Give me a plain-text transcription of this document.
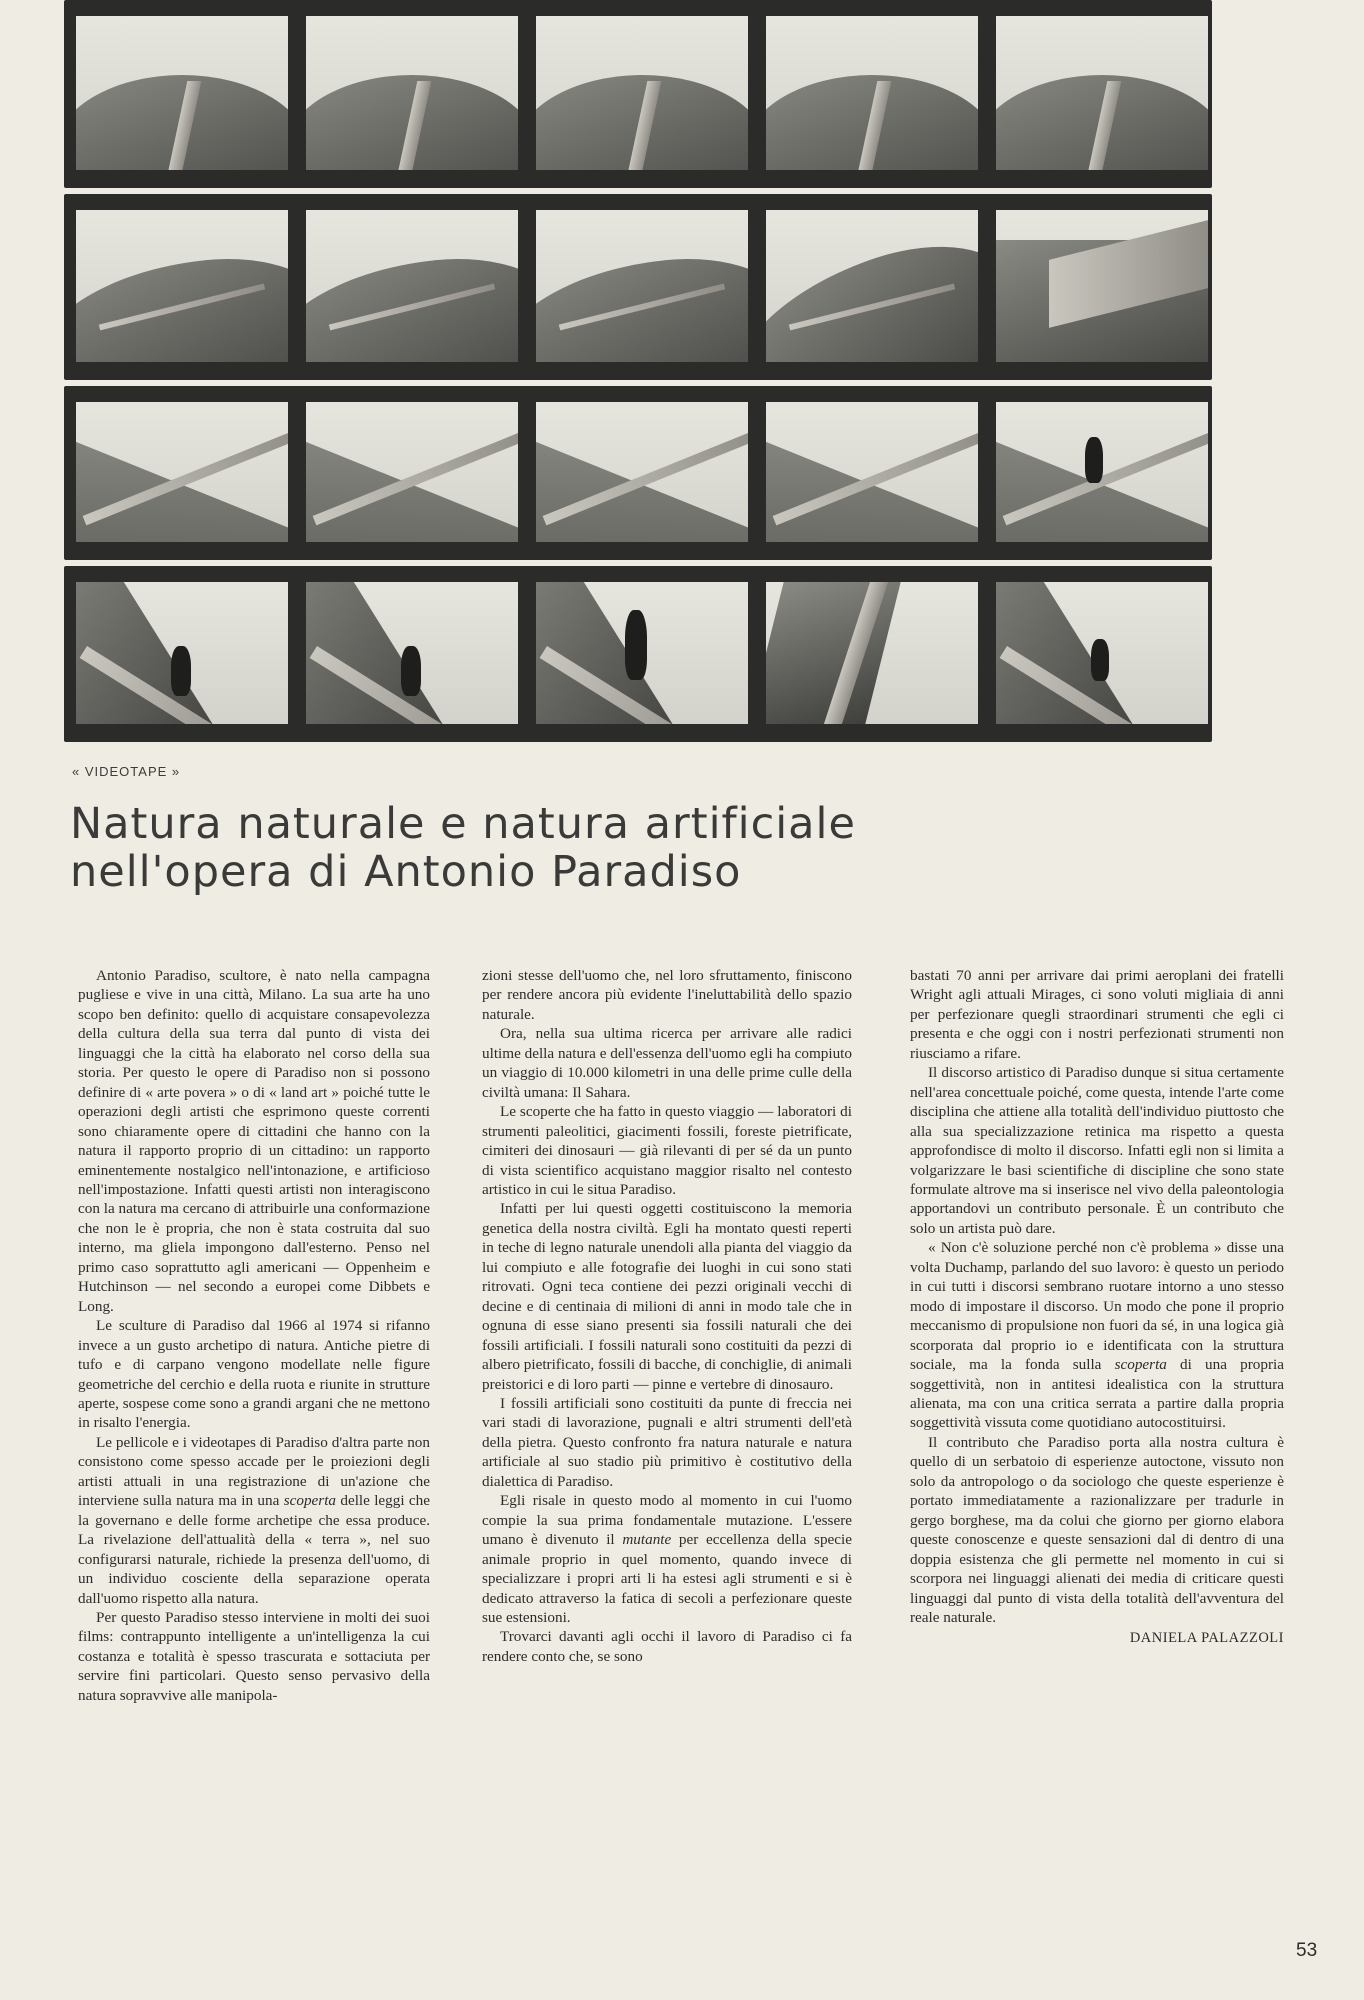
« VIDEOTAPE »
Natura naturale e natura artificiale
nell'opera di Antonio Paradiso

Antonio Paradiso, scultore, è nato nella campagna pugliese e vive in una città, Milano. La sua arte ha uno scopo ben definito: quello di acquistare consapevolezza della cultura della sua terra dal punto di vista dei linguaggi che la città ha elaborato nel corso della sua storia. Per questo le opere di Paradiso non si possono definire di « arte povera » o di « land art » poiché tutte le operazioni degli artisti che esprimono queste correnti sono chiaramente opere di cittadini che hanno con la natura il rapporto proprio di un cittadino: un rapporto eminentemente nostalgico nell'intonazione, e artificioso nell'impostazione. Infatti questi artisti non interagiscono con la natura ma cercano di attribuirle una conformazione che non le è propria, che non è stata costruita dal suo interno, ma gliela impongono dall'esterno. Penso nel primo caso soprattutto agli americani — Oppenheim e Hutchinson — nel secondo a europei come Dibbets e Long.

Le sculture di Paradiso dal 1966 al 1974 si rifanno invece a un gusto archetipo di natura. Antiche pietre di tufo e di carpano vengono modellate nelle figure geometriche del cerchio e della ruota e riunite in strutture aperte, sospese come sono a grandi argani che ne mettono in risalto l'energia.

Le pellicole e i videotapes di Paradiso d'altra parte non consistono come spesso accade per le proiezioni degli artisti attuali in una registrazione di un'azione che interviene sulla natura ma in una scoperta delle leggi che la governano e delle forme archetipe che essa produce. La rivelazione dell'attualità della « terra », nel suo configurarsi naturale, richiede la presenza dell'uomo, di un individuo cosciente della separazione operata dall'uomo rispetto alla natura.

Per questo Paradiso stesso interviene in molti dei suoi films: contrappunto intelligente a un'intelligenza la cui costanza e totalità è spesso trascurata e sottaciuta per servire fini particolari. Questo senso pervasivo della natura sopravvive alle manipola-

zioni stesse dell'uomo che, nel loro sfruttamento, finiscono per rendere ancora più evidente l'ineluttabilità dello spazio naturale.

Ora, nella sua ultima ricerca per arrivare alle radici ultime della natura e dell'essenza dell'uomo egli ha compiuto un viaggio di 10.000 kilometri in una delle prime culle della civiltà umana: Il Sahara.

Le scoperte che ha fatto in questo viaggio — laboratori di strumenti paleolitici, giacimenti fossili, foreste pietrificate, cimiteri dei dinosauri — già rilevanti di per sé da un punto di vista scientifico acquistano maggior risalto nel contesto artistico in cui le situa Paradiso.

Infatti per lui questi oggetti costituiscono la memoria genetica della nostra civiltà. Egli ha montato questi reperti in teche di legno naturale unendoli alla pianta del viaggio da lui compiuto e alle fotografie dei luoghi in cui sono stati ritrovati. Ogni teca contiene dei pezzi originali vecchi di decine e di centinaia di milioni di anni in modo tale che in ognuna di esse siano presenti sia fossili naturali che dei fossili artificiali. I fossili naturali sono costituiti da pezzi di albero pietrificato, fossili di bacche, di conchiglie, di animali preistorici e di loro parti — pinne e vertebre di dinosauro.

I fossili artificiali sono costituiti da punte di freccia nei vari stadi di lavorazione, pugnali e altri strumenti dell'età della pietra. Questo confronto fra natura naturale e natura artificiale al suo stadio più primitivo è costitutivo della dialettica di Paradiso.

Egli risale in questo modo al momento in cui l'uomo compie la sua prima fondamentale mutazione. L'essere umano è divenuto il mutante per eccellenza della specie animale proprio in quel momento, quando invece di specializzare i propri arti li ha estesi agli strumenti e si è dedicato attraverso la fatica di secoli a perfezionare queste sue estensioni.

Trovarci davanti agli occhi il lavoro di Paradiso ci fa rendere conto che, se sono

bastati 70 anni per arrivare dai primi aeroplani dei fratelli Wright agli attuali Mirages, ci sono voluti migliaia di anni per perfezionare quegli straordinari strumenti che egli ci presenta e che oggi con i nostri perfezionati strumenti non riusciamo a rifare.

Il discorso artistico di Paradiso dunque si situa certamente nell'area concettuale poiché, come questa, intende l'arte come disciplina che attiene alla totalità dell'individuo piuttosto che alla sua specializzazione retinica ma rispetto a questa approfondisce di molto il discorso. Infatti egli non si limita a volgarizzare le basi scientifiche di discipline che sono state formulate altrove ma si inserisce nel vivo della paleontologia apportandovi un contributo personale. È un contributo che solo un artista può dare.

« Non c'è soluzione perché non c'è problema » disse una volta Duchamp, parlando del suo lavoro: è questo un periodo in cui tutti i discorsi sembrano ruotare intorno a uno stesso modo di impostare il discorso. Un modo che pone il proprio meccanismo di propulsione non fuori da sé, in una logica già scorporata dal proprio io e identificata con la struttura sociale, ma la fonda sulla scoperta di una propria soggettività, non in antitesi idealistica con la struttura alienata, ma con una critica serrata a partire dalla propria soggettività vissuta come quotidiano autocostituirsi.

Il contributo che Paradiso porta alla nostra cultura è quello di un serbatoio di esperienze autoctone, vissuto non solo da antropologo o da sociologo che queste esperienze è portato immediatamente a razionalizzare per tradurle in gergo borghese, ma da colui che giorno per giorno elabora queste conoscenze e queste sensazioni dal di dentro di una doppia esistenza che gli permette nel momento in cui si scorpora nei linguaggi alienati dei media di criticare questi linguaggi dal punto di vista della totalità dell'avventura del reale naturale.

DANIELA PALAZZOLI
53
